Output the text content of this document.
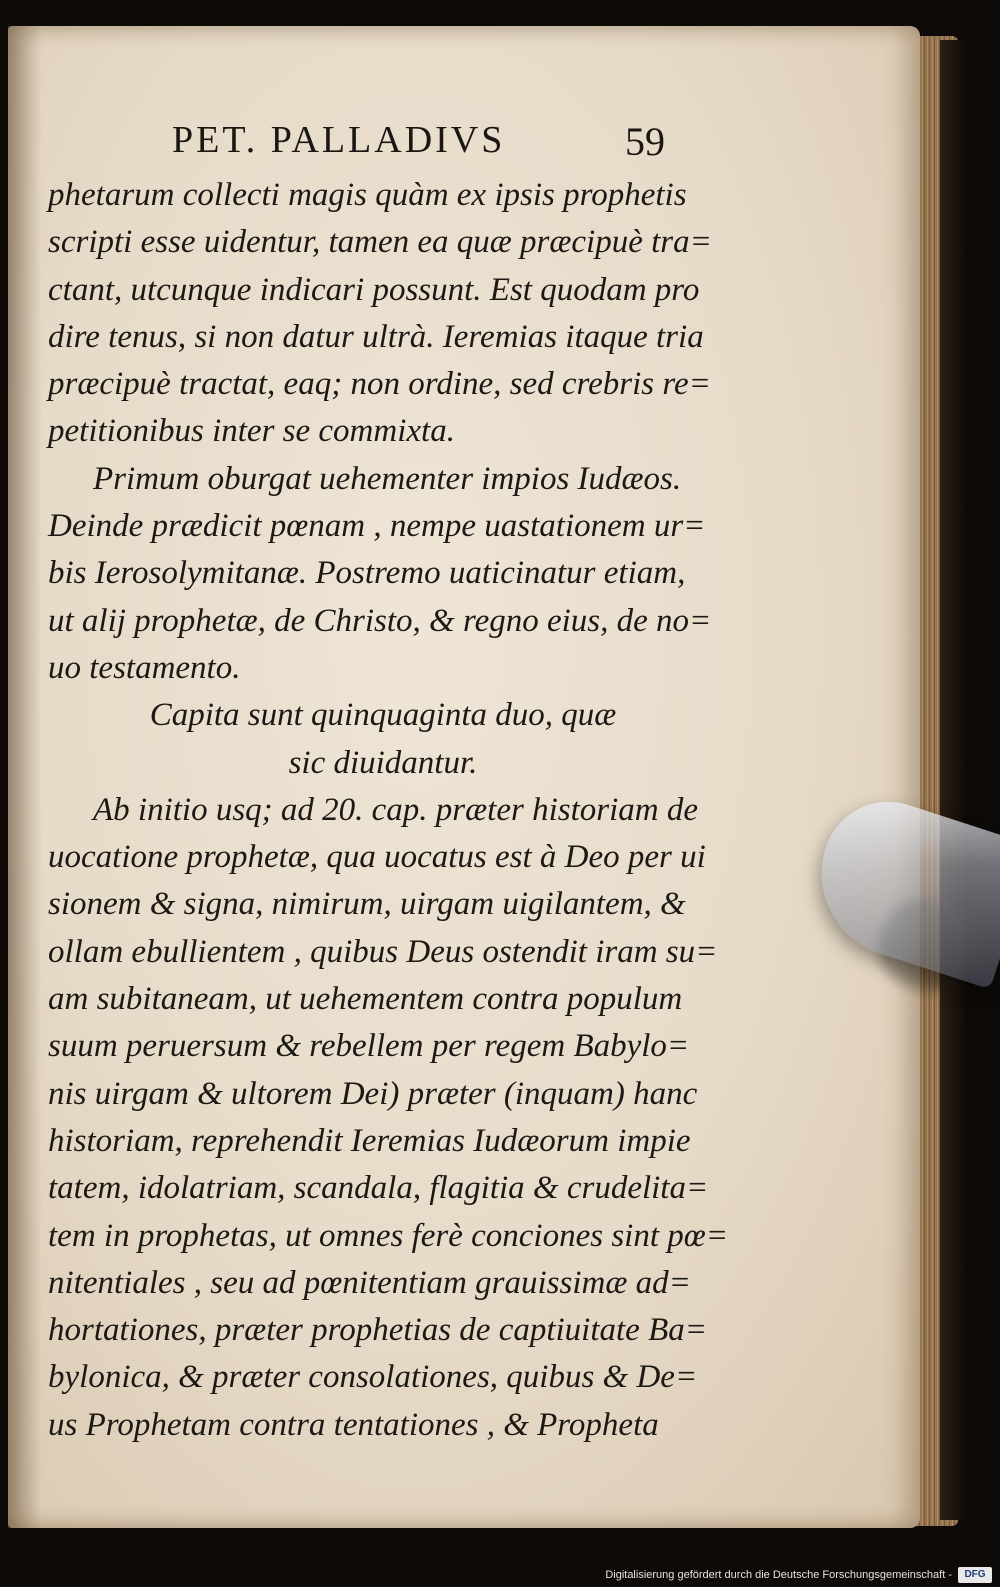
PET. PALLADIVS	59
phetarum collecti magis quàm ex ipsis prophetis
scripti esse uidentur, tamen ea quæ præcipuè tra=
ctant, utcunque indicari possunt. Est quodam pro
dire tenus, si non datur ultrà. Ieremias itaque tria
præcipuè tractat, eaq; non ordine, sed crebris re=
petitionibus inter se commixta.
Primum oburgat uehementer impios Iudæos.
Deinde prædicit pœnam , nempe uastationem ur=
bis Ierosolymitanæ. Postremo uaticinatur etiam,
ut alij prophetæ, de Christo, & regno eius, de no=
uo testamento.
Capita sunt quinquaginta duo, quæ
sic diuidantur.
Ab initio usq; ad 20. cap. præter historiam de
uocatione prophetæ, qua uocatus est à Deo per ui
sionem & signa, nimirum, uirgam uigilantem, &
ollam ebullientem , quibus Deus ostendit iram su=
am subitaneam, ut uehementem contra populum
suum peruersum & rebellem per regem Babylo=
nis uirgam & ultorem Dei) præter (inquam) hanc
historiam, reprehendit Ieremias Iudæorum impie
tatem, idolatriam, scandala, flagitia & crudelita=
tem in prophetas, ut omnes ferè conciones sint pœ=
nitentiales , seu ad pœnitentiam grauissimæ ad=
hortationes, præter prophetias de captiuitate Ba=
bylonica, & præter consolationes, quibus & De=
us Prophetam contra tentationes , & Propheta
Digitalisierung gefördert durch die Deutsche Forschungsgemeinschaft -	DFG
